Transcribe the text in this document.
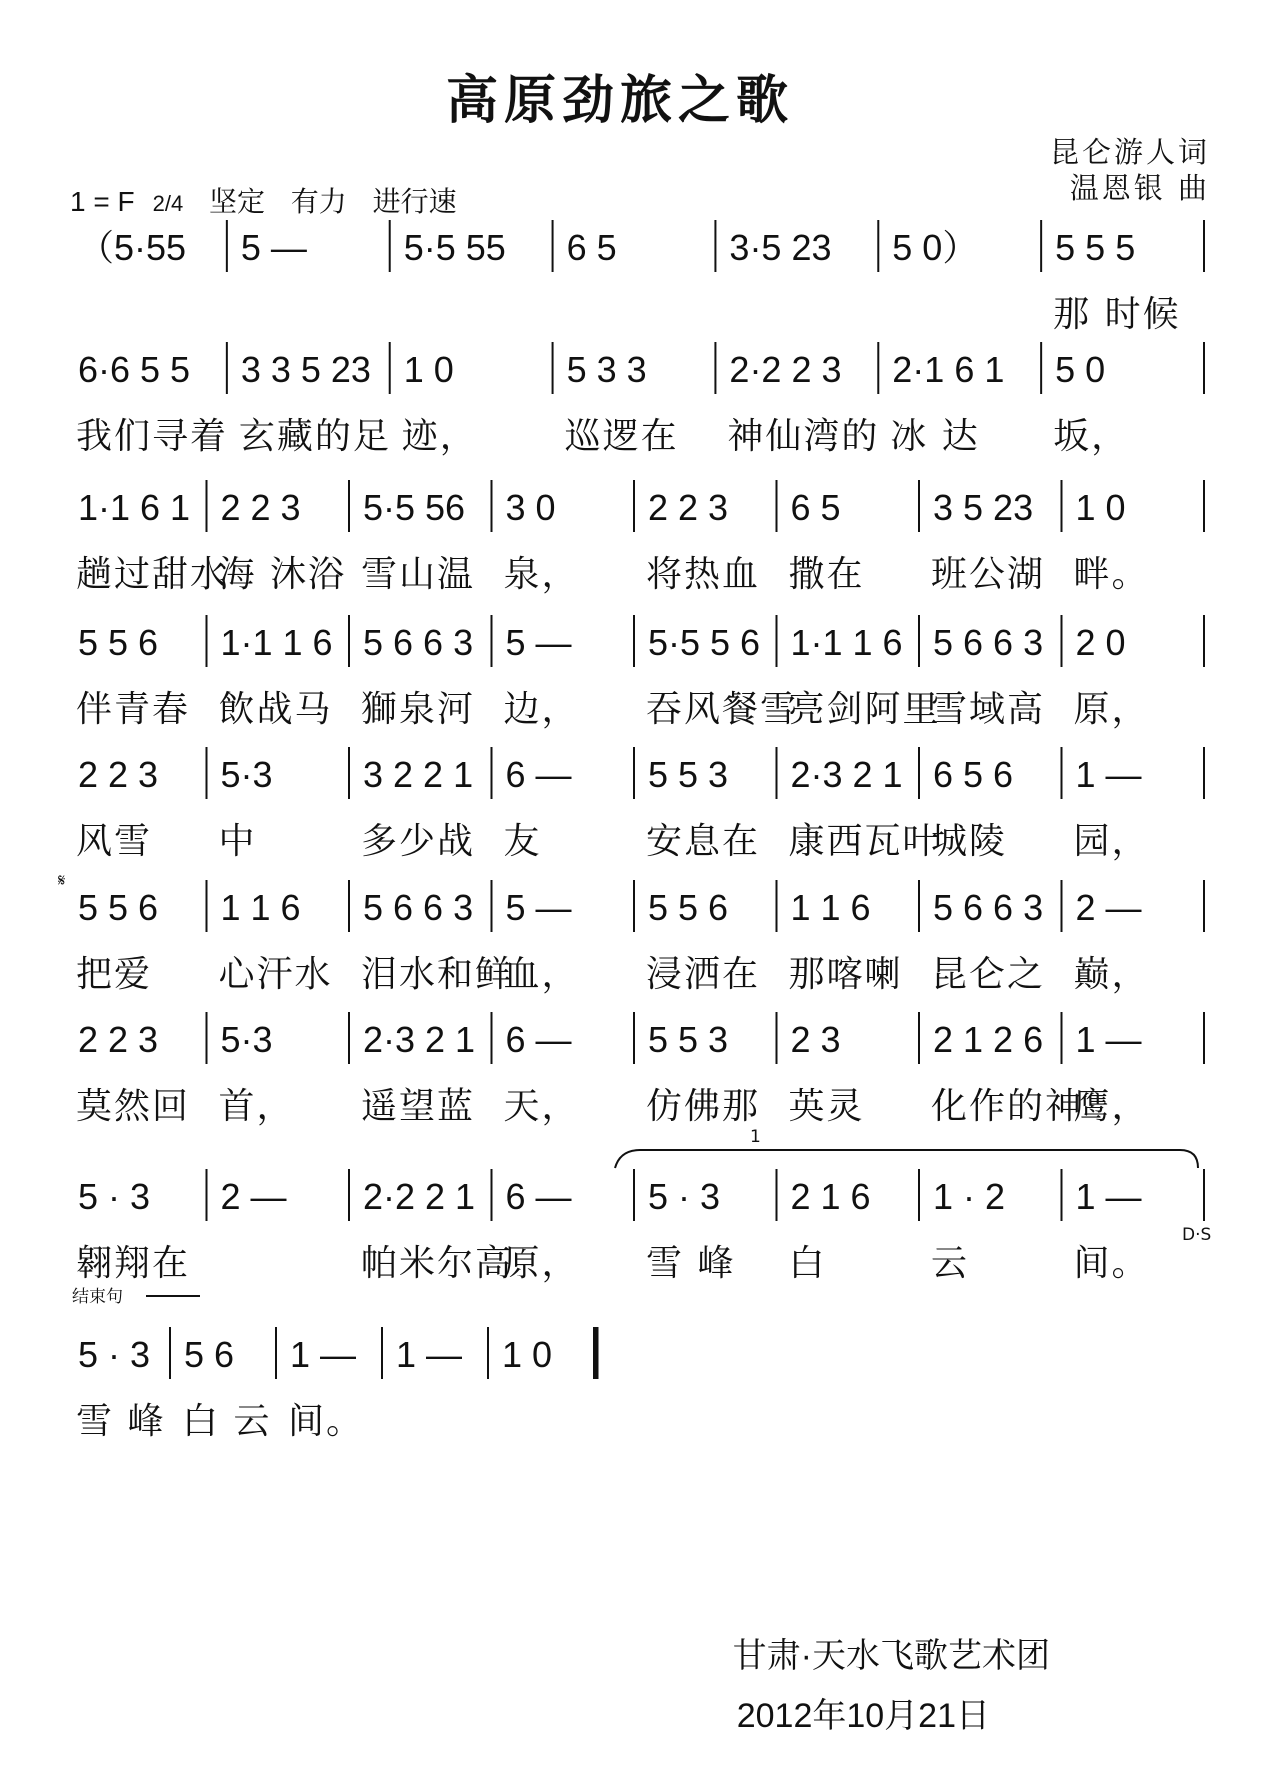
高原劲旅之歌
昆仑游人词
温恩银 曲
1 = F 2/4 坚定 有力 进行速
（5·55 5 —	5·5 55 6 5	3·5 23 5 0） 5 5 5
那 时候
6·6 5 5
我们寻着
3 3 5 23
玄藏的足
1 0
迹，
5 3 3
巡逻在
2·2 2 3
神仙湾的
2·1 6 1
冰 达
5 0
坂，
1·1 6 1
趟过甜水
2 2 3
海 沐浴
5·5 56
雪山温
3 0
泉，
2 2 3
将热血
6 5
撒在
3 5 23
班公湖
1 0
畔。
5 5 6
伴青春
1·1 1 6
飲战马
5 6 6 3
獅泉河
5 —
边，
5·5 5 6
吞风餐雪
1·1 1 6
亮剑阿里
5 6 6 3
雪域高
2 0
原，
2 2 3
风雪
5·3
中
3 2 2 1
多少战
6 —
友
5 5 3
安息在
2·3 2 1
康西瓦叶
6 5 6
城陵
1 —
园，
5 5 6
把爱
1 1 6
心汗水
5 6 6 3
泪水和鲜
5 —
血，
5 5 6
浸洒在
1 1 6
那喀喇
5 6 6 3
昆仑之
2 —
巅，
2 2 3
莫然回
5·3
首，
2·3 2 1
遥望蓝
6 —
天，
5 5 3
仿佛那
2 3
英灵
2 1 2 6
化作的神
1 —
鹰，
5 · 3
翱翔在
2 — 2·2 2 1
帕米尔高
6 —
原，
5 · 3
雪 峰
2 1 6
白
1 · 2
云
1 —
间。
5 · 3
雪 峰
5 6
白 云
1 —
间。
1 — 1 0
𝄋
1
D·S
结束句
甘肃·天水飞歌艺术团
2012年10月21日
